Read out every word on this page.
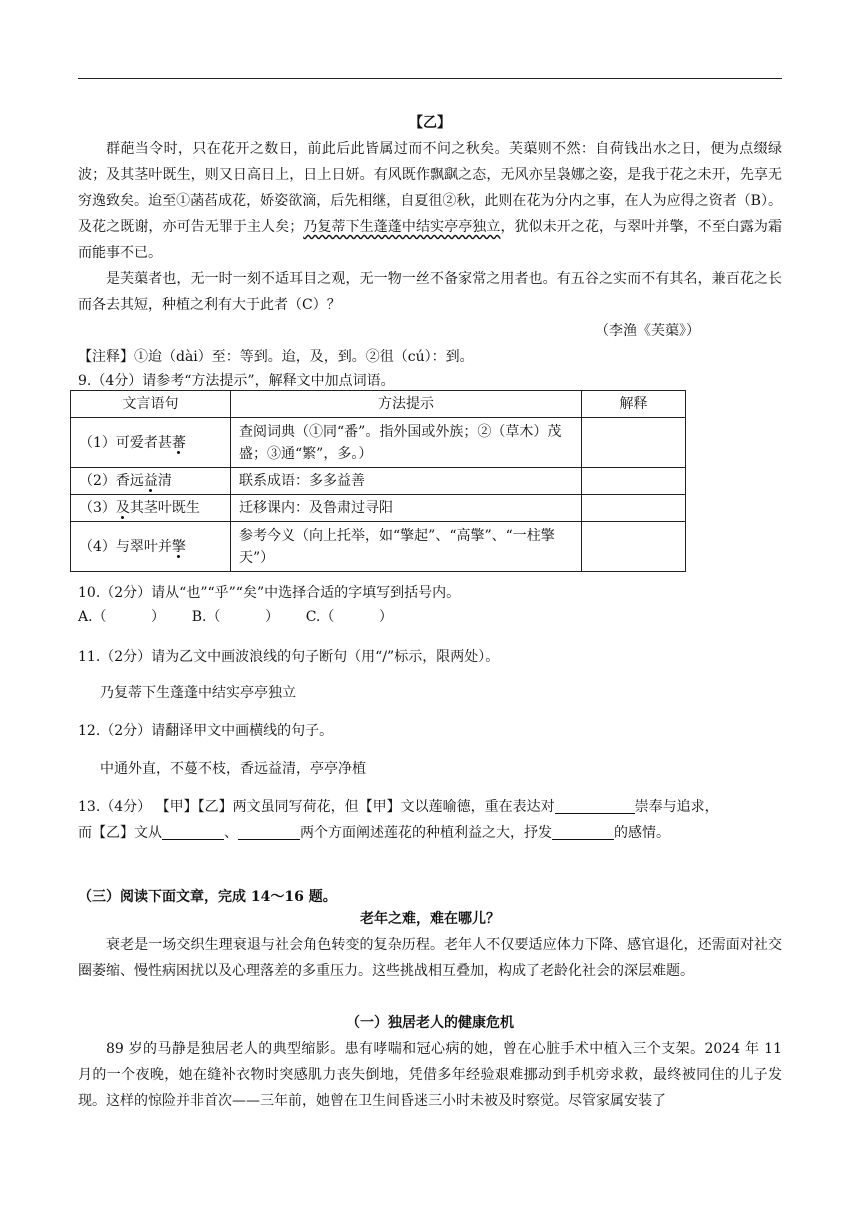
【乙】

群葩当令时，只在花开之数日，前此后此皆属过而不问之秋矣。芙蕖则不然：自荷钱出水之日，便为点缀绿波；及其茎叶既生，则又日高日上，日上日妍。有风既作飘飖之态，无风亦呈袅娜之姿，是我于花之未开，先享无穷逸致矣。迨至①菡萏成花，娇姿欲滴，后先相继，自夏徂②秋，此则在花为分内之事，在人为应得之资者（B）。及花之既谢，亦可告无罪于主人矣；乃复蒂下生蓬蓬中结实亭亭独立，犹似未开之花，与翠叶并擎，不至白露为霜而能事不已。

是芙蕖者也，无一时一刻不适耳目之观，无一物一丝不备家常之用者也。有五谷之实而不有其名，兼百花之长而各去其短，种植之利有大于此者（C）？

（李渔《芙蕖》）
【注释】①迨（dài）至：等到。迨，及，到。②徂（cú）：到。
9.（4分）请参考“方法提示”，解释文中加点词语。
文言语句	方法提示	解释
（1）可爱者甚蕃	查阅词典（①同“番”。指外国或外族；②（草木）茂盛；③通“繁”，多。）	
（2）香远益清	联系成语：多多益善	
（3）及其茎叶既生	迁移课内：及鲁肃过寻阳	
（4）与翠叶并擎	参考今义（向上托举，如“擎起”、“高擎”、“一柱擎天”）	
10.（2分）请从“也”“乎”“矣”中选择合适的字填写到括号内。
A.（          ）      B.（          ）      C.（          ）
11.（2分）请为乙文中画波浪线的句子断句（用“/”标示，限两处）。
乃复蒂下生蓬蓬中结实亭亭独立
12.（2分）请翻译甲文中画横线的句子。
中通外直，不蔓不枝，香远益清，亭亭净植
13.（4分） 【甲】【乙】两文虽同写荷花，但【甲】文以莲喻德，重在表达对	崇奉与追求，
而【乙】文从	、	两个方面阐述莲花的种植利益之大，抒发	的感情。
（三）阅读下面文章，完成 14～16 题。
老年之难，难在哪儿？

衰老是一场交织生理衰退与社会角色转变的复杂历程。老年人不仅要适应体力下降、感官退化，还需面对社交圈萎缩、慢性病困扰以及心理落差的多重压力。这些挑战相互叠加，构成了老龄化社会的深层难题。

（一）独居老人的健康危机

89 岁的马静是独居老人的典型缩影。患有哮喘和冠心病的她，曾在心脏手术中植入三个支架。2024 年 11 月的一个夜晚，她在缝补衣物时突感肌力丧失倒地，凭借多年经验艰难挪动到手机旁求救，最终被同住的儿子发现。这样的惊险并非首次——三年前，她曾在卫生间昏迷三小时未被及时察觉。尽管家属安装了
